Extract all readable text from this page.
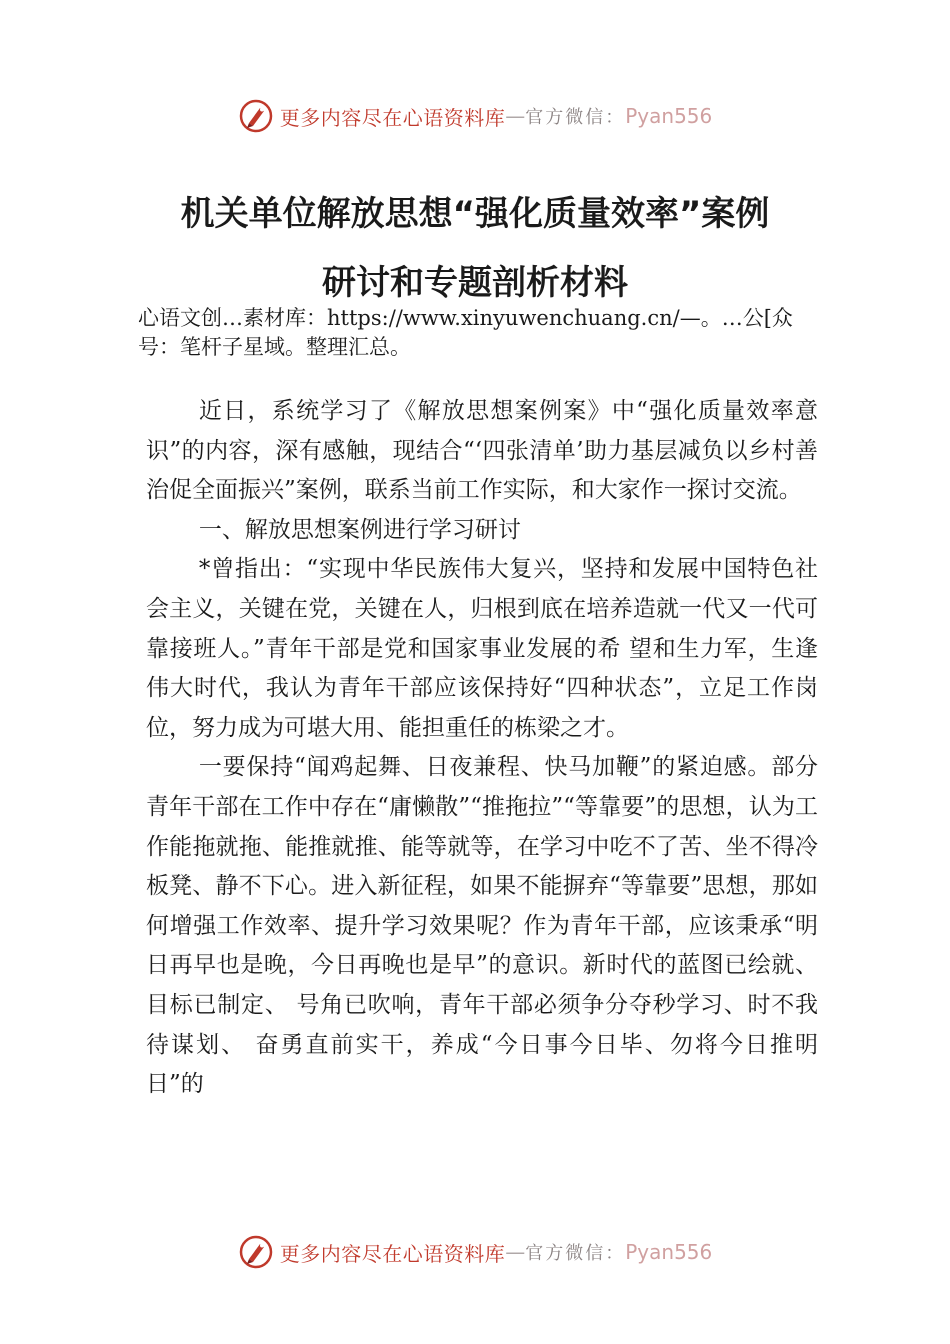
更多内容尽在心语资料库 — 官方微信： Pyan556
机关单位解放思想“强化质量效率”案例
研讨和专题剖析材料
心语文创…素材库：https://www.xinyuwenchuang.cn/—。…公[众号：笔杆子星域。整理汇总。

近日，系统学习了《解放思想案例案》中“强化质量效率意识”的内容，深有感触，现结合“‘四张清单’助力基层减负以乡村善治促全面振兴”案例，联系当前工作实际，和大家作一探讨交流。

一、解放思想案例进行学习研讨

*曾指出：“实现中华民族伟大复兴，坚持和发展中国特色社会主义，关键在党，关键在人，归根到底在培养造就一代又一代可靠接班人。”青年干部是党和国家事业发展的希 望和生力军，生逢伟大时代，我认为青年干部应该保持好“四种状态”，立足工作岗位，努力成为可堪大用、能担重任的栋梁之才。

一要保持“闻鸡起舞、日夜兼程、快马加鞭”的紧迫感。部分青年干部在工作中存在“庸懒散”“推拖拉”“等靠要”的思想，认为工作能拖就拖、能推就推、能等就等，在学习中吃不了苦、坐不得冷板凳、静不下心。进入新征程，如果不能摒弃“等靠要”思想，那如何增强工作效率、提升学习效果呢？作为青年干部，应该秉承“明日再早也是晚，今日再晚也是早”的意识。新时代的蓝图已绘就、目标已制定、 号角已吹响，青年干部必须争分夺秒学习、时不我待谋划、 奋勇直前实干，养成“今日事今日毕、勿将今日推明日”的

更多内容尽在心语资料库 — 官方微信： Pyan556
